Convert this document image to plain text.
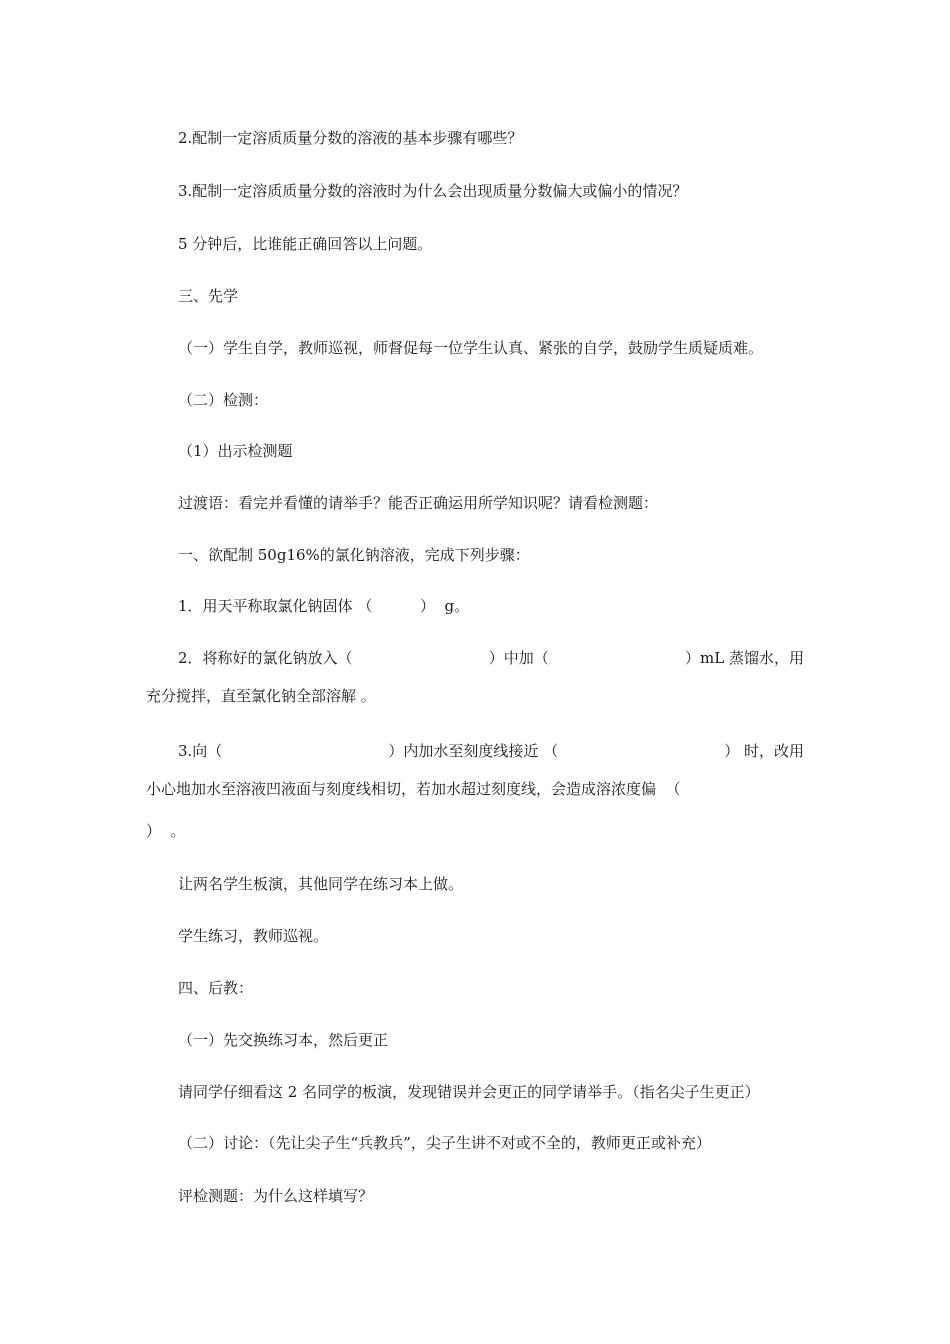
2.配制一定溶质质量分数的溶液的基本步骤有哪些？
3.配制一定溶质质量分数的溶液时为什么会出现质量分数偏大或偏小的情况？
5 分钟后，比谁能正确回答以上问题。
三、先学
（一）学生自学，教师巡视，师督促每一位学生认真、紧张的自学，鼓励学生质疑质难。
（二）检测：
（1）出示检测题
过渡语：看完并看懂的请举手？能否正确运用所学知识呢？请看检测题：
一、欲配制 50g16%的氯化钠溶液，完成下列步骤：
1．用天平称取氯化钠固体 （          ）  g。
2．将称好的氯化钠放入（	）中加（	）mL 蒸馏水，用
充分搅拌，直至氯化钠全部溶解 。
3.向（	）内加水至刻度线接近 （	） 时，改用
小心地加水至溶液凹液面与刻度线相切，若加水超过刻度线，会造成溶浓度偏  （
）  。
让两名学生板演，其他同学在练习本上做。
学生练习，教师巡视。
四、后教：
（一）先交换练习本，然后更正
请同学仔细看这 2 名同学的板演，发现错误并会更正的同学请举手。（指名尖子生更正）
（二）讨论：（先让尖子生“兵教兵”，尖子生讲不对或不全的，教师更正或补充）
评检测题：为什么这样填写？
